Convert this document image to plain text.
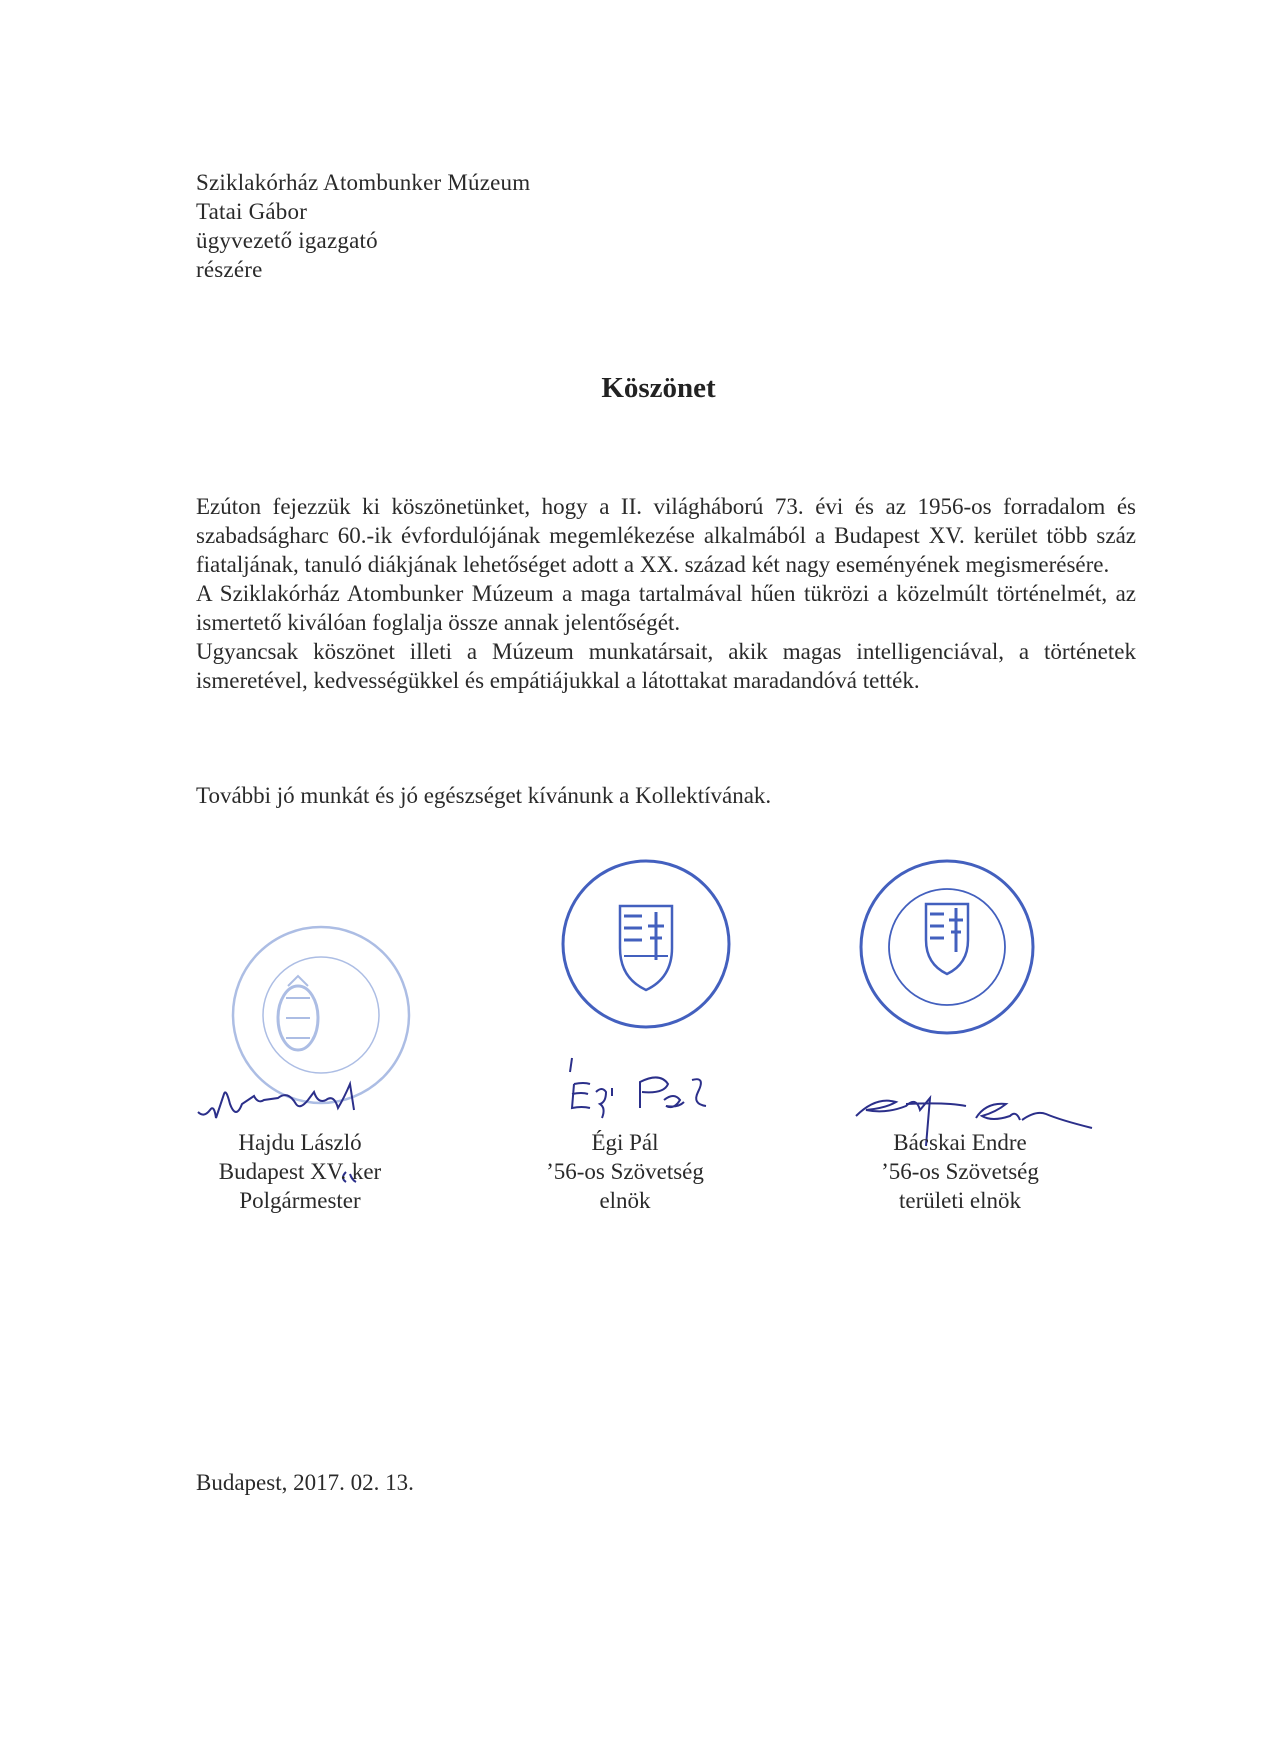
Sziklakórház Atombunker Múzeum
Tatai Gábor
ügyvezető igazgató
részére
Köszönet

Ezúton fejezzük ki köszönetünket, hogy a II. világháború 73. évi és az 1956-os forradalom és szabadságharc 60.-ik évfordulójának megemlékezése alkalmából a Budapest XV. kerület több száz fiataljának, tanuló diákjának lehetőséget adott a XX. század két nagy eseményének megismerésére.

A Sziklakórház Atombunker Múzeum a maga tartalmával hűen tükrözi a közelmúlt történelmét, az ismertető kiválóan foglalja össze annak jelentőségét.

Ugyancsak köszönet illeti a Múzeum munkatársait, akik magas intelligenciával, a történetek ismeretével, kedvességükkel és empátiájukkal a látottakat maradandóvá tették.

További jó munkát és jó egészséget kívánunk a Kollektívának.
Hajdu László
Budapest XV. ker
Polgármester
Égi Pál
’56-os Szövetség
elnök
Bácskai Endre
’56-os Szövetség
területi elnök
Budapest, 2017. 02. 13.
